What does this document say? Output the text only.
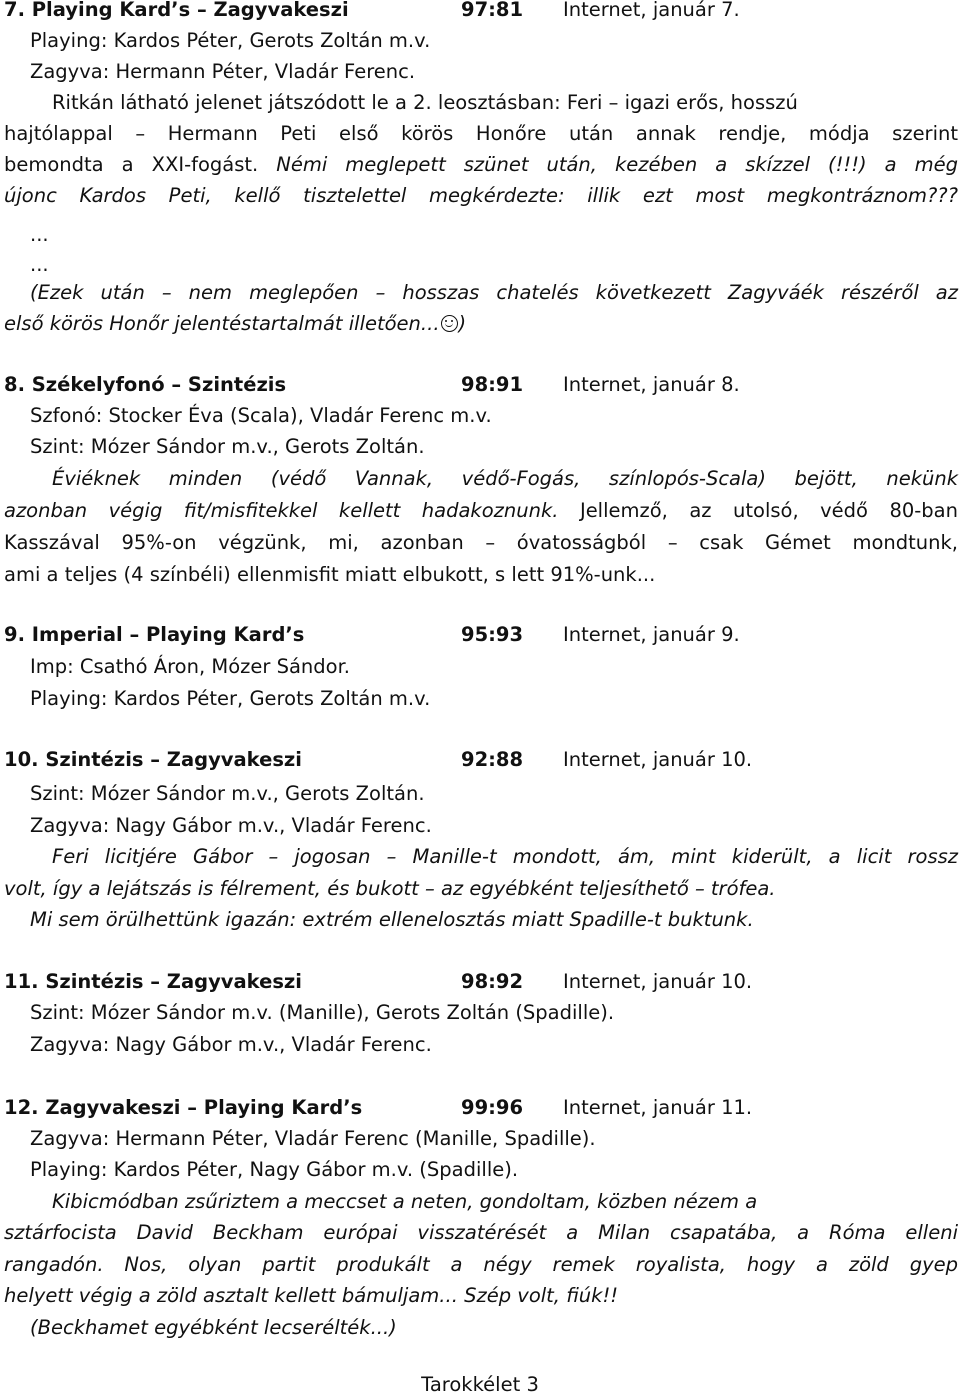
7. Playing Kard’s – Zagyvakeszi	97:81 Internet, január 7.
Playing: Kardos Péter, Gerots Zoltán m.v.
Zagyva: Hermann Péter, Vladár Ferenc.
Ritkán látható jelenet játszódott le a 2. leosztásban: Feri – igazi erős, hosszú
hajtólappal – Hermann Peti első körös Honőre után annak rendje, módja szerint
bemondta a XXI-fogást. Némi meglepett szünet után, kezében a skízzel (!!!) a még
újonc Kardos Peti, kellő tisztelettel megkérdezte: illik ezt most megkontráznom???
...
...
(Ezek után – nem meglepően – hosszas chatelés következett Zagyváék részéről az
első körös Honőr jelentéstartalmát illetően... )
8. Székelyfonó – Szintézis	98:91 Internet, január 8.
Szfonó: Stocker Éva (Scala), Vladár Ferenc m.v.
Szint: Mózer Sándor m.v., Gerots Zoltán.
Éviéknek minden (védő Vannak, védő-Fogás, színlopós-Scala) bejött, nekünk
azonban végig fit/misfitekkel kellett hadakoznunk. Jellemző, az utolsó, védő 80-ban
Kasszával 95%-on végzünk, mi, azonban – óvatosságból – csak Gémet mondtunk,
ami a teljes (4 színbéli) ellenmisfit miatt elbukott, s lett 91%-unk...
9. Imperial – Playing Kard’s	95:93 Internet, január 9.
Imp: Csathó Áron, Mózer Sándor.
Playing: Kardos Péter, Gerots Zoltán m.v.
10. Szintézis – Zagyvakeszi	92:88 Internet, január 10.
Szint: Mózer Sándor m.v., Gerots Zoltán.
Zagyva: Nagy Gábor m.v., Vladár Ferenc.
Feri licitjére Gábor – jogosan – Manille-t mondott, ám, mint kiderült, a licit rossz
volt, így a lejátszás is félrement, és bukott – az egyébként teljesíthető – trófea.
Mi sem örülhettünk igazán: extrém ellenelosztás miatt Spadille-t buktunk.
11. Szintézis – Zagyvakeszi	98:92 Internet, január 10.
Szint: Mózer Sándor m.v. (Manille), Gerots Zoltán (Spadille).
Zagyva: Nagy Gábor m.v., Vladár Ferenc.
12. Zagyvakeszi – Playing Kard’s	99:96 Internet, január 11.
Zagyva: Hermann Péter, Vladár Ferenc (Manille, Spadille).
Playing: Kardos Péter, Nagy Gábor m.v. (Spadille).
Kibicmódban zsűriztem a meccset a neten, gondoltam, közben nézem a
sztárfocista David Beckham európai visszatérését a Milan csapatába, a Róma elleni
rangadón. Nos, olyan partit produkált a négy remek royalista, hogy a zöld gyep
helyett végig a zöld asztalt kellett bámuljam... Szép volt, fiúk!!
(Beckhamet egyébként lecserélték...)
Tarokkélet 3
